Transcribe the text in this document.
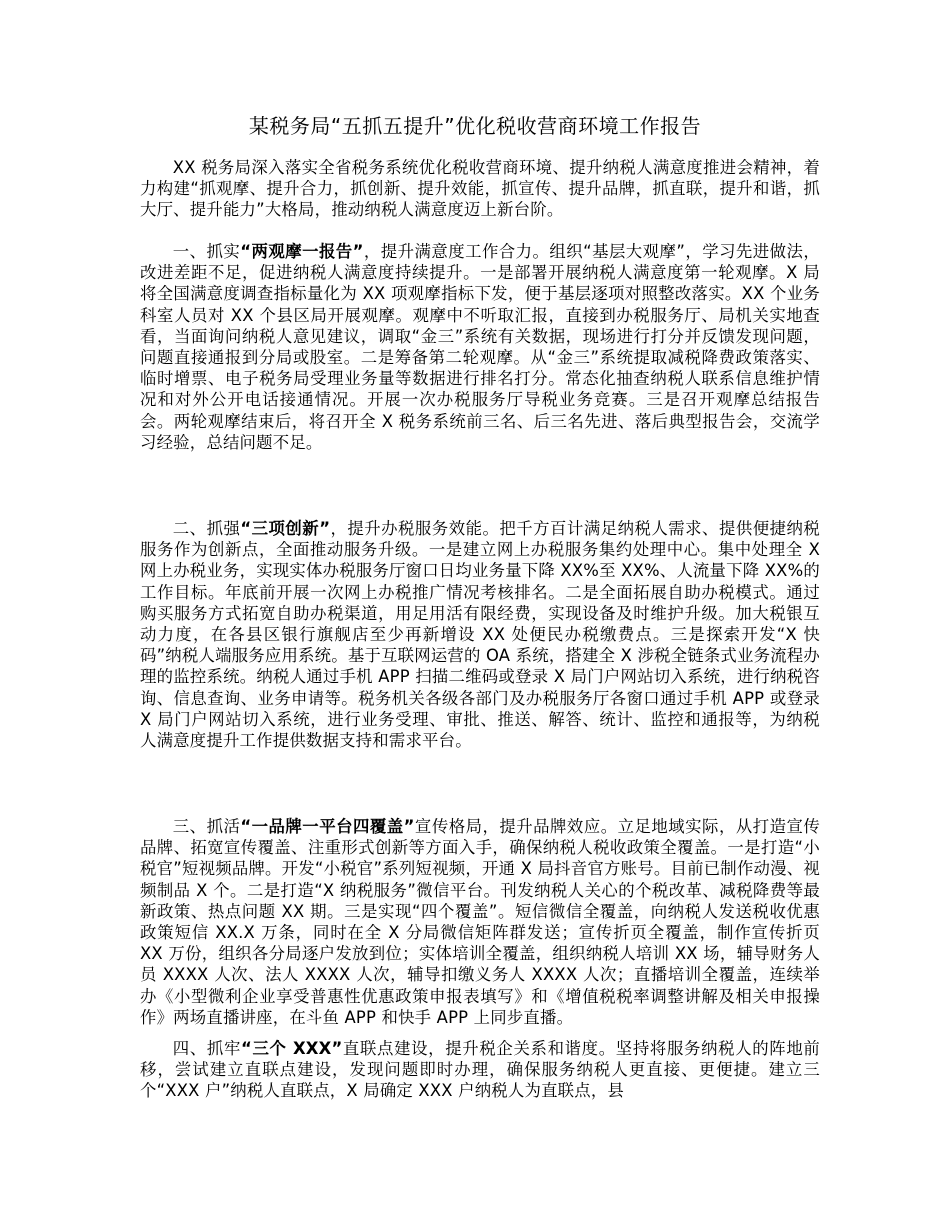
某税务局“五抓五提升”优化税收营商环境工作报告

XX 税务局深入落实全省税务系统优化税收营商环境、提升纳税人满意度推进会精神，着力构建“抓观摩、提升合力，抓创新、提升效能，抓宣传、提升品牌，抓直联，提升和谐，抓大厅、提升能力”大格局，推动纳税人满意度迈上新台阶。

一、抓实“两观摩一报告”，提升满意度工作合力。组织“基层大观摩”，学习先进做法，改进差距不足，促进纳税人满意度持续提升。一是部署开展纳税人满意度第一轮观摩。X 局将全国满意度调查指标量化为 XX 项观摩指标下发，便于基层逐项对照整改落实。XX 个业务科室人员对 XX 个县区局开展观摩。观摩中不听取汇报，直接到办税服务厅、局机关实地查看，当面询问纳税人意见建议，调取“金三”系统有关数据，现场进行打分并反馈发现问题，问题直接通报到分局或股室。二是筹备第二轮观摩。从“金三”系统提取减税降费政策落实、临时增票、电子税务局受理业务量等数据进行排名打分。常态化抽查纳税人联系信息维护情况和对外公开电话接通情况。开展一次办税服务厅导税业务竞赛。三是召开观摩总结报告会。两轮观摩结束后，将召开全 X 税务系统前三名、后三名先进、落后典型报告会，交流学习经验，总结问题不足。

二、抓强“三项创新”，提升办税服务效能。把千方百计满足纳税人需求、提供便捷纳税服务作为创新点，全面推动服务升级。一是建立网上办税服务集约处理中心。集中处理全 X 网上办税业务，实现实体办税服务厅窗口日均业务量下降 XX%至 XX%、人流量下降 XX%的工作目标。年底前开展一次网上办税推广情况考核排名。二是全面拓展自助办税模式。通过购买服务方式拓宽自助办税渠道，用足用活有限经费，实现设备及时维护升级。加大税银互动力度，在各县区银行旗舰店至少再新增设 XX 处便民办税缴费点。三是探索开发“X 快码”纳税人端服务应用系统。基于互联网运营的 OA 系统，搭建全 X 涉税全链条式业务流程办理的监控系统。纳税人通过手机 APP 扫描二维码或登录 X 局门户网站切入系统，进行纳税咨询、信息查询、业务申请等。税务机关各级各部门及办税服务厅各窗口通过手机 APP 或登录 X 局门户网站切入系统，进行业务受理、审批、推送、解答、统计、监控和通报等，为纳税人满意度提升工作提供数据支持和需求平台。

三、抓活“一品牌一平台四覆盖”宣传格局，提升品牌效应。立足地域实际，从打造宣传品牌、拓宽宣传覆盖、注重形式创新等方面入手，确保纳税人税收政策全覆盖。一是打造“小税官”短视频品牌。开发“小税官”系列短视频，开通 X 局抖音官方账号。目前已制作动漫、视频制品 X 个。二是打造“X 纳税服务”微信平台。刊发纳税人关心的个税改革、减税降费等最新政策、热点问题 XX 期。三是实现“四个覆盖”。短信微信全覆盖，向纳税人发送税收优惠政策短信 XX.X 万条，同时在全 X 分局微信矩阵群发送；宣传折页全覆盖，制作宣传折页 XX 万份，组织各分局逐户发放到位；实体培训全覆盖，组织纳税人培训 XX 场，辅导财务人员 XXXX 人次、法人 XXXX 人次，辅导扣缴义务人 XXXX 人次；直播培训全覆盖，连续举办《小型微利企业享受普惠性优惠政策申报表填写》和《增值税税率调整讲解及相关申报操作》两场直播讲座，在斗鱼 APP 和快手 APP 上同步直播。

四、抓牢“三个 XXX”直联点建设，提升税企关系和谐度。坚持将服务纳税人的阵地前移，尝试建立直联点建设，发现问题即时办理，确保服务纳税人更直接、更便捷。建立三个“XXX 户”纳税人直联点，X 局确定 XXX 户纳税人为直联点，县
